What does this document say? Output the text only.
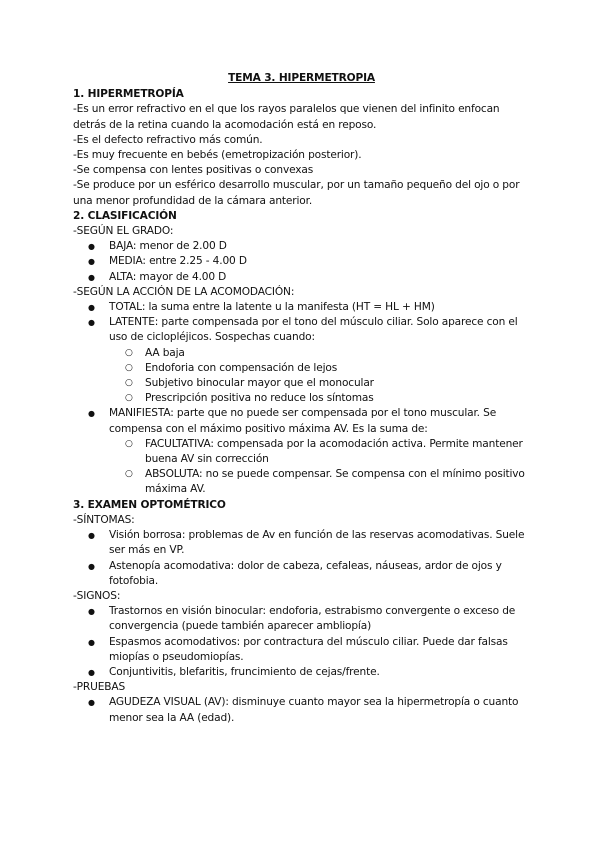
TEMA 3. HIPERMETROPIA

1. HIPERMETROPÍA

-Es un error refractivo en el que los rayos paralelos que vienen del infinito enfocan detrás de la retina cuando la acomodación está en reposo.

-Es el defecto refractivo más común.

-Es muy frecuente en bebés (emetropización posterior).

-Se compensa con lentes positivas o convexas

-Se produce por un esférico desarrollo muscular, por un tamaño pequeño del ojo o por una menor profundidad de la cámara anterior.

2. CLASIFICACIÓN

-SEGÚN EL GRADO:

● BAJA: menor de 2.00 D
● MEDIA: entre 2.25 - 4.00 D
● ALTA: mayor de 4.00 D

-SEGÚN LA ACCIÓN DE LA ACOMODACIÓN:

● TOTAL: la suma entre la latente u la manifesta (HT = HL + HM)
● LATENTE: parte compensada por el tono del músculo ciliar. Solo aparece con el uso de ciclopléjicos. Sospechas cuando:
○ AA baja
○ Endoforia con compensación de lejos
○ Subjetivo binocular mayor que el monocular
○ Prescripción positiva no reduce los síntomas
● MANIFIESTA: parte que no puede ser compensada por el tono muscular. Se compensa con el máximo positivo máxima AV. Es la suma de:
○ FACULTATIVA: compensada por la acomodación activa. Permite mantener buena AV sin corrección
○ ABSOLUTA: no se puede compensar. Se compensa con el mínimo positivo máxima AV.

3. EXAMEN OPTOMÉTRICO

-SÍNTOMAS:

● Visión borrosa: problemas de Av en función de las reservas acomodativas. Suele ser más en VP.
● Astenopía acomodativa: dolor de cabeza, cefaleas, náuseas, ardor de ojos y fotofobia.

-SIGNOS:

● Trastornos en visión binocular: endoforia, estrabismo convergente o exceso de convergencia (puede también aparecer ambliopía)
● Espasmos acomodativos: por contractura del músculo ciliar. Puede dar falsas miopías o pseudomiopías.
● Conjuntivitis, blefaritis, fruncimiento de cejas/frente.

-PRUEBAS

● AGUDEZA VISUAL (AV): disminuye cuanto mayor sea la hipermetropía o cuanto menor sea la AA (edad).
